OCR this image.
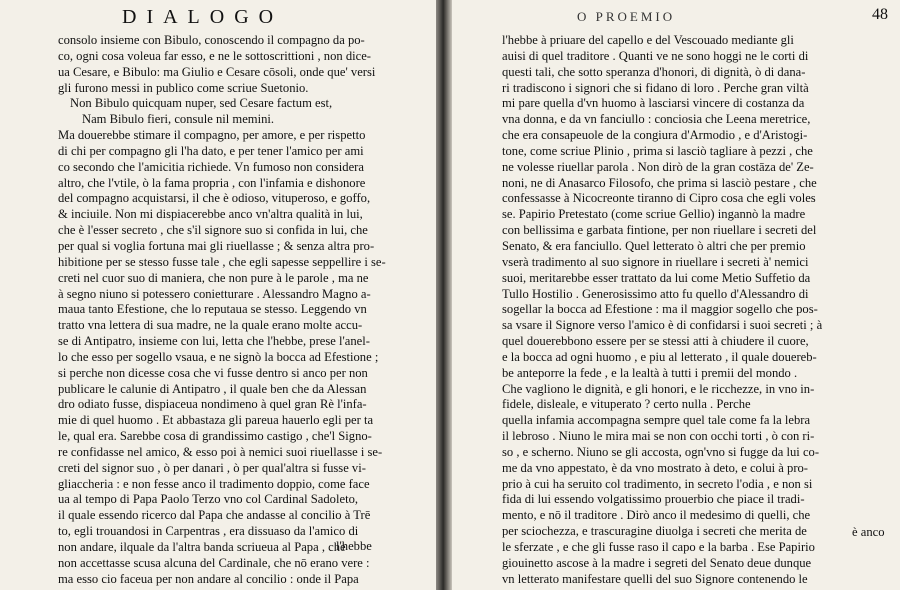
DIALOGO
consolo insieme con Bibulo, conoscendo il compagno da po-
co, ogni cosa voleua far esso, e ne le sottoscrittioni , non dice-
ua Cesare, e Bibulo: ma Giulio e Cesare cōsoli, onde que' versi
gli furono messi in publico come scriue Suetonio.
Non Bibulo quicquam nuper, sed Cesare factum est,
Nam Bibulo fieri, consule nil memini.
Ma douerebbe stimare il compagno, per amore, e per rispetto
di chi per compagno gli l'ha dato, e per tener l'amico per ami
co secondo che l'amicitia richiede. Vn fumoso non considera
altro, che l'vtile, ò la fama propria , con l'infamia e dishonore
del compagno acquistarsi, il che è odioso, vituperoso, e goffo,
& inciuile. Non mi dispiacerebbe anco vn'altra qualità in lui,
che è l'esser secreto , che s'il signore suo si confida in lui, che
per qual si voglia fortuna mai gli riuellasse ; & senza altra pro-
hibitione per se stesso fusse tale , che egli sapesse seppellire i se-
creti nel cuor suo di maniera, che non pure à le parole , ma ne
à segno niuno si potessero conietturare . Alessandro Magno a-
maua tanto Efestione, che lo reputaua se stesso. Leggendo vn
tratto vna lettera di sua madre, ne la quale erano molte accu-
se di Antipatro, insieme con lui, letta che l'hebbe, prese l'anel-
lo che esso per sogello vsaua, e ne signò la bocca ad Efestione ;
si perche non dicesse cosa che vi fusse dentro si anco per non
publicare le calunie di Antipatro , il quale ben che da Alessan
dro odiato fusse, dispiaceua nondimeno à quel gran Rè l'infa-
mie di quel huomo . Et abbastaza gli pareua hauerlo egli per ta
le, qual era. Sarebbe cosa di grandissimo castigo , che'l Signo-
re confidasse nel amico, & esso poi à nemici suoi riuellasse i se-
creti del signor suo , ò per danari , ò per qual'altra si fusse vi-
gliaccheria : e non fesse anco il tradimento doppio, come face
ua al tempo di Papa Paolo Terzo vno col Cardinal Sadoleto,
il quale essendo ricerco dal Papa che andasse al concilio à Trē
to, egli trouandosi in Carpentras , era dissuaso da l'amico di
non andare, ilquale da l'altra banda scriueua al Papa , che
non accettasse scusa alcuna del Cardinale, che nō erano vere :
ma esso cio faceua per non andare al concilio : onde il Papa
l'hebbe
O PROEMIO	48
l'hebbe à priuare del capello e del Vescouado mediante gli
auisi di quel traditore . Quanti ve ne sono hoggi ne le corti di
questi tali, che sotto speranza d'honori, di dignità, ò di dana-
ri tradiscono i signori che si fidano di loro . Perche gran viltà
mi pare quella d'vn huomo à lasciarsi vincere di costanza da
vna donna, e da vn fanciullo : conciosia che Leena meretrice,
che era consapeuole de la congiura d'Armodio , e d'Aristogi-
tone, come scriue Plinio , prima si lasciò tagliare à pezzi , che
ne volesse riuellar parola . Non dirò de la gran costāza de' Ze-
noni, ne di Anasarco Filosofo, che prima si lasciò pestare , che
confessasse à Nicocreonte tiranno di Cipro cosa che egli voles
se. Papirio Pretestato (come scriue Gellio) ingannò la madre
con bellissima e garbata fintione, per non riuellare i secreti del
Senato, & era fanciullo. Quel letterato ò altri che per premio
vserà tradimento al suo signore in riuellare i secreti à' nemici
suoi, meritarebbe esser trattato da lui come Metio Suffetio da
Tullo Hostilio . Generosissimo atto fu quello d'Alessandro di
sogellar la bocca ad Efestione : ma il maggior sogello che pos-
sa vsare il Signore verso l'amico è di confidarsi i suoi secreti ; à
quel douerebbono essere per se stessi atti à chiudere il cuore,
e la bocca ad ogni huomo , e piu al letterato , il quale douereb-
be anteporre la fede , e la lealtà à tutti i premii del mondo .
Che vagliono le dignità, e gli honori, e le ricchezze, in vno in-
fidele, disleale, e vituperato ? certo nulla . Perche
quella infamia accompagna sempre quel tale come fa la lebra
il lebroso . Niuno le mira mai se non con occhi torti , ò con ri-
so , e scherno. Niuno se gli accosta, ogn'vno si fugge da lui co-
me da vno appestato, è da vno mostrato à deto, e colui à pro-
prio à cui ha seruito col tradimento, in secreto l'odia , e non si
fida di lui essendo volgatissimo prouerbio che piace il tradi-
mento, e nō il traditore . Dirò anco il medesimo di quelli, che
per sciochezza, e trascuragine diuolga i secreti che merita de
le sferzate , e che gli fusse raso il capo e la barba . Ese Papirio
giouinetto ascose à la madre i segreti del Senato deue dunque
vn letterato manifestare quelli del suo Signore contenendo le
è anco
